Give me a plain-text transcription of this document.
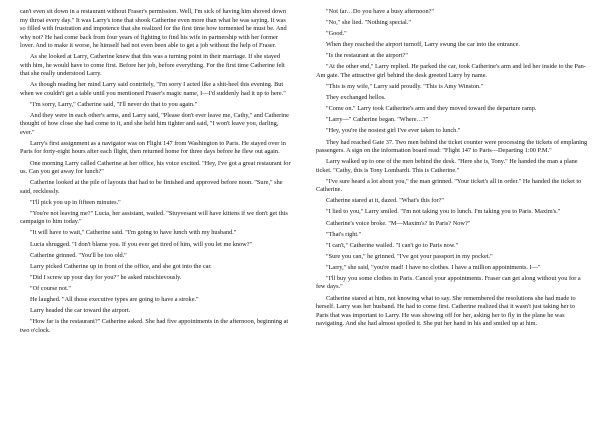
can't even sit down in a restaurant without Fraser's permission. Well, I'm sick of having him shoved down my throat every day." It was Larry's tone that shook Catherine even more than what he was saying. It was so filled with frustration and impotence that she realized for the first time how tormented he must be. And why not? He had come back from four years of fighting to find his wife in partnership with her former lover. And to make it worse, he himself had not even been able to get a job without the help of Fraser.

As she looked at Larry, Catherine knew that this was a turning point in their marriage. If she stayed with him, he would have to come first. Before her job, before everything. For the first time Catherine felt that she really understood Larry.

As though reading her mind Larry said contritely, "I'm sorry I acted like a shit-heel this evening. But when we couldn't get a table until you mentioned Fraser's magic name, I—I'd suddenly had it up to here."

"I'm sorry, Larry," Catherine said, "I'll never do that to you again."

And they were in each other's arms, and Larry said, "Please don't ever leave me, Cathy," and Catherine thought of how close she had come to it, and she held him tighter and said, "I won't leave you, darling, ever."

Larry's first assignment as a navigator was on Flight 147 from Washington to Paris. He stayed over in Paris for forty-eight hours after each flight, then returned home for three days before he flew out again.

One morning Larry called Catherine at her office, his voice excited. "Hey, I've got a great restaurant for us. Can you get away for lunch?"

Catherine looked at the pile of layouts that had to be finished and approved before noon. "Sure," she said, recklessly.

"I'll pick you up in fifteen minutes."

"You're not leaving me?" Lucia, her assistant, wailed. "Stuyvesant will have kittens if we don't get this campaign to him today."

"It will have to wait," Catherine said. "I'm going to have lunch with my husband."

Lucia shrugged. "I don't blame you. If you ever get tired of him, will you let me know?"

Catherine grinned. "You'll be too old."

Larry picked Catherine up in front of the office, and she got into the car.

"Did I screw up your day for you?" he asked mischievously.

"Of course not."

He laughed. "All those executive types are going to have a stroke."

Larry headed the car toward the airport.

"How far is the restaurant?" Catherine asked. She had five appointments in the afternoon, beginning at two o'clock.

"Not far…Do you have a busy afternoon?"

"No," she lied. "Nothing special."

"Good."

When they reached the airport turnoff, Larry swung the car into the entrance.

"Is the restaurant at the airport?"

"At the other end," Larry replied. He parked the car, took Catherine's arm and led her inside to the Pan-Am gate. The attractive girl behind the desk greeted Larry by name.

"This is my wife," Larry said proudly. "This is Amy Winston."

They exchanged hellos.

"Come on." Larry took Catherine's arm and they moved toward the departure ramp.

"Larry—" Catherine began. "Where…?"

"Hey, you're the nosiest girl I've ever taken to lunch."

They had reached Gate 37. Two men behind the ticket counter were processing the tickets of emplaning passengers. A sign on the information board read: "Flight 147 to Paris—Departing 1:00 P.M."

Larry walked up to one of the men behind the desk. "Here she is, Tony." He handed the man a plane ticket. "Cathy, this is Tony Lombardi. This is Catherine."

"I've sure heard a lot about you," the man grinned. "Your ticket's all in order." He handed the ticket to Catherine.

Catherine stared at it, dazed. "What's this for?"

"I lied to you," Larry smiled. "I'm not taking you to lunch. I'm taking you to Paris. Maxim's."

Catherine's voice broke. "M—Maxim's? In Paris? Now?"

"That's right."

"I can't," Catherine wailed. "I can't go to Paris now."

"Sure you can," he grinned. "I've got your passport in my pocket."

"Larry," she said, "you're mad! I have no clothes. I have a million appointments. I—"

"I'll buy you some clothes in Paris. Cancel your appointments. Fraser can get along without you for a few days."

Catherine stared at him, not knowing what to say. She remembered the resolutions she had made to herself. Larry was her husband. He had to come first. Catherine realized that it wasn't just taking her to Paris that was important to Larry. He was showing off for her, asking her to fly in the plane he was navigating. And she had almost spoiled it. She put her hand in his and smiled up at him.
